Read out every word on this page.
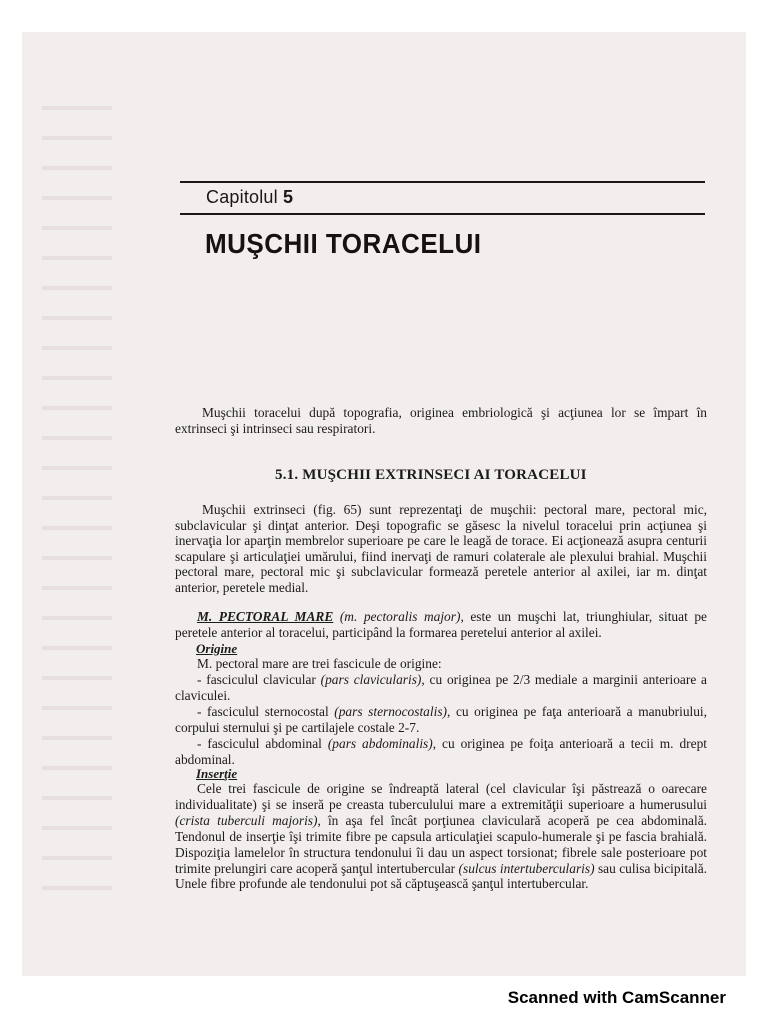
Capitolul 5
MUŞCHII TORACELUI
Muşchii toracelui după topografia, originea embriologică şi acţiunea lor se împart în extrinseci şi intrinseci sau respiratori.
5.1. MUŞCHII EXTRINSECI AI TORACELUI
Muşchii extrinseci (fig. 65) sunt reprezentaţi de muşchii: pectoral mare, pectoral mic, subclavicular şi dinţat anterior. Deşi topografic se găsesc la nivelul toracelui prin acţiunea şi inervaţia lor aparţin membrelor superioare pe care le leagă de torace. Ei acţionează asupra centurii scapulare şi articulaţiei umărului, fiind inervaţi de ramuri colaterale ale plexului brahial. Muşchii pectoral mare, pectoral mic şi subclavicular formează peretele anterior al axilei, iar m. dinţat anterior, peretele medial.
M. PECTORAL MARE (m. pectoralis major), este un muşchi lat, triunghiular, situat pe peretele anterior al toracelui, participând la formarea peretelui anterior al axilei.
Origine
M. pectoral mare are trei fascicule de origine:
- fasciculul clavicular (pars clavicularis), cu originea pe 2/3 mediale a marginii anterioare a claviculei.
- fasciculul sternocostal (pars sternocostalis), cu originea pe faţa anterioară a manubriului, corpului sternului şi pe cartilajele costale 2-7.
- fasciculul abdominal (pars abdominalis), cu originea pe foiţa anterioară a tecii m. drept abdominal.
Inserţie
Cele trei fascicule de origine se îndreaptă lateral (cel clavicular îşi păstrează o oarecare individualitate) şi se inseră pe creasta tuberculului mare a extremităţii superioare a humerusului (crista tuberculi majoris), în aşa fel încât porţiunea claviculară acoperă pe cea abdominală. Tendonul de inserţie îşi trimite fibre pe capsula articulaţiei scapulo-humerale şi pe fascia brahială. Dispoziţia lamelelor în structura tendonului îi dau un aspect torsionat; fibrele sale posterioare pot trimite prelungiri care acoperă şanţul intertubercular (sulcus intertubercularis) sau culisa bicipitală. Unele fibre profunde ale tendonului pot să căptuşească şanţul intertubercular.
Scanned with CamScanner
